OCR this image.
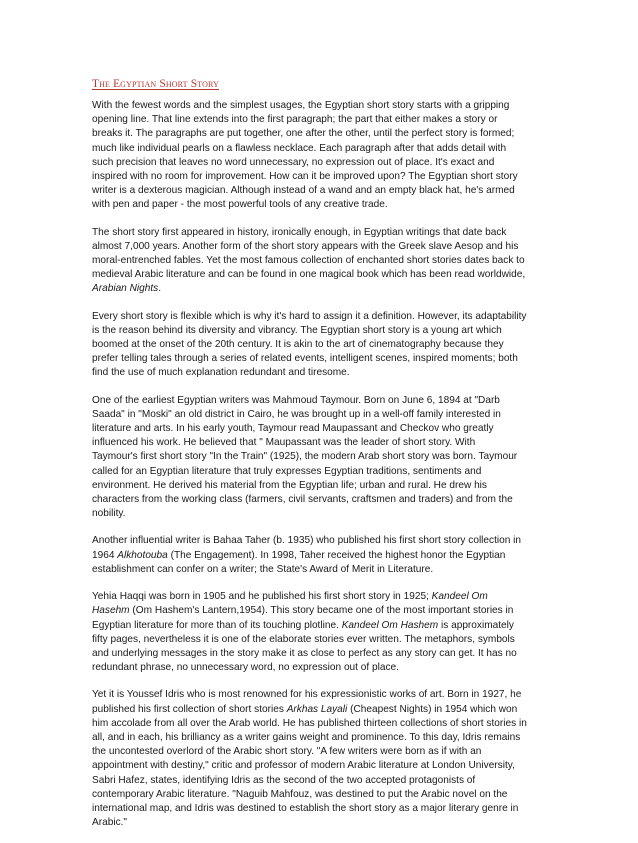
The Egyptian Short Story

With the fewest words and the simplest usages, the Egyptian short story starts with a gripping
opening line. That line extends into the first paragraph; the part that either makes a story or
breaks it. The paragraphs are put together, one after the other, until the perfect story is formed;
much like individual pearls on a flawless necklace. Each paragraph after that adds detail with
such precision that leaves no word unnecessary, no expression out of place. It's exact and
inspired with no room for improvement. How can it be improved upon? The Egyptian short story
writer is a dexterous magician. Although instead of a wand and an empty black hat, he's armed
with pen and paper - the most powerful tools of any creative trade.

The short story first appeared in history, ironically enough, in Egyptian writings that date back
almost 7,000 years. Another form of the short story appears with the Greek slave Aesop and his
moral-entrenched fables. Yet the most famous collection of enchanted short stories dates back to
medieval Arabic literature and can be found in one magical book which has been read worldwide,
Arabian Nights.

Every short story is flexible which is why it's hard to assign it a definition. However, its adaptability
is the reason behind its diversity and vibrancy. The Egyptian short story is a young art which
boomed at the onset of the 20th century. It is akin to the art of cinematography because they
prefer telling tales through a series of related events, intelligent scenes, inspired moments; both
find the use of much explanation redundant and tiresome.

One of the earliest Egyptian writers was Mahmoud Taymour. Born on June 6, 1894 at "Darb
Saada" in "Moski" an old district in Cairo, he was brought up in a well-off family interested in
literature and arts. In his early youth, Taymour read Maupassant and Checkov who greatly
influenced his work. He believed that " Maupassant was the leader of short story. With
Taymour's first short story "In the Train" (1925), the modern Arab short story was born. Taymour
called for an Egyptian literature that truly expresses Egyptian traditions, sentiments and
environment. He derived his material from the Egyptian life; urban and rural. He drew his
characters from the working class (farmers, civil servants, craftsmen and traders) and from the
nobility.

Another influential writer is Bahaa Taher (b. 1935) who published his first short story collection in
1964 Alkhotouba (The Engagement). In 1998, Taher received the highest honor the Egyptian
establishment can confer on a writer; the State's Award of Merit in Literature.

Yehia Haqqi was born in 1905 and he published his first short story in 1925; Kandeel Om
Hasehm (Om Hashem's Lantern,1954). This story became one of the most important stories in
Egyptian literature for more than of its touching plotline. Kandeel Om Hashem is approximately
fifty pages, nevertheless it is one of the elaborate stories ever written. The metaphors, symbols
and underlying messages in the story make it as close to perfect as any story can get. It has no
redundant phrase, no unnecessary word, no expression out of place.

Yet it is Youssef Idris who is most renowned for his expressionistic works of art. Born in 1927, he
published his first collection of short stories Arkhas Layali (Cheapest Nights) in 1954 which won
him accolade from all over the Arab world. He has published thirteen collections of short stories in
all, and in each, his brilliancy as a writer gains weight and prominence. To this day, Idris remains
the uncontested overlord of the Arabic short story. "A few writers were born as if with an
appointment with destiny," critic and professor of modern Arabic literature at London University,
Sabri Hafez, states, identifying Idris as the second of the two accepted protagonists of
contemporary Arabic literature. "Naguib Mahfouz, was destined to put the Arabic novel on the
international map, and Idris was destined to establish the short story as a major literary genre in
Arabic."
